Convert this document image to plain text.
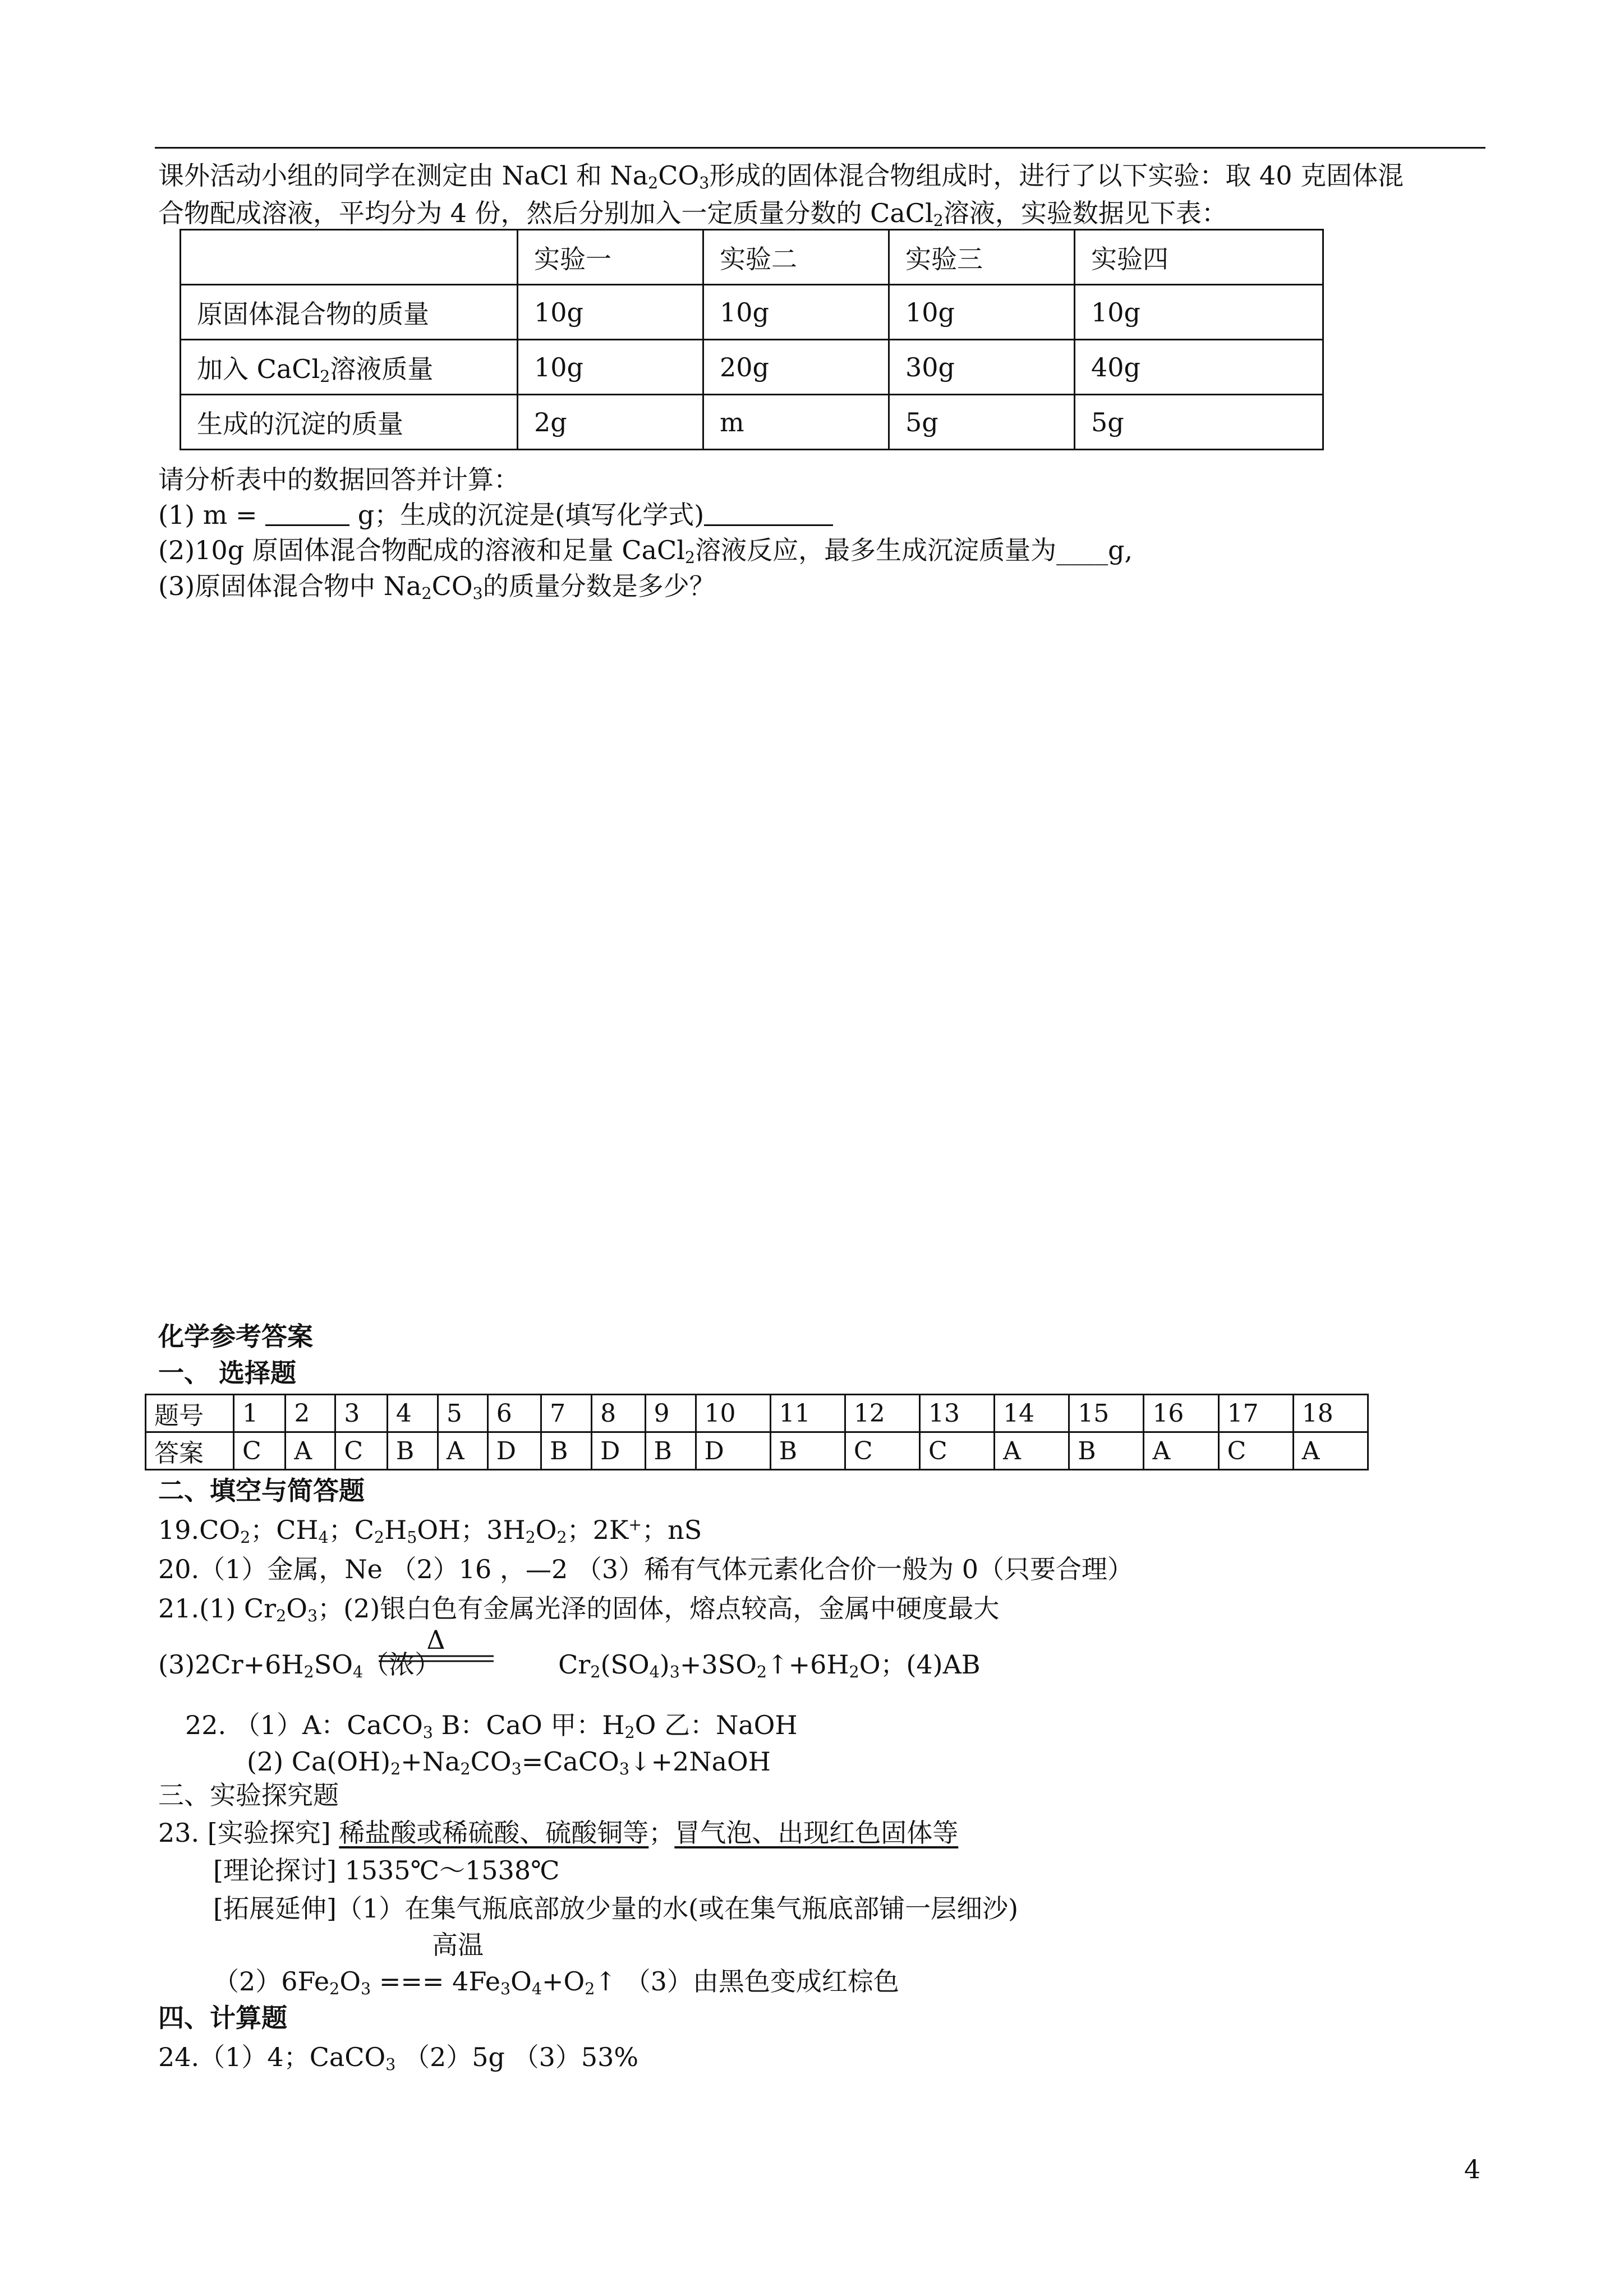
课外活动小组的同学在测定由 NaCl 和 $Na_2CO_3$形成的固体混合物组成时，进行了以下实验：取 40 克固体混
合物配成溶液，平均分为 4 份，然后分别加入一定质量分数的 CaCl$_2$溶液，实验数据见下表：
	实验一	实验二	实验三	实验四
原固体混合物的质量	10g	10g	10g	10g
加入 CaCl$_2$溶液质量	10g	20g	30g	40g
生成的沉淀的质量	2g	m	5g	5g
请分析表中的数据回答并计算：
(1) m =	g；生成的沉淀是(填写化学式)
(2)10g 原固体混合物配成的溶液和足量 CaCl$_2$溶液反应，最多生成沉淀质量为____g,
(3)原固体混合物中 $Na_2CO_3$的质量分数是多少？
化学参考答案
一、 选择题
题号	1	2	3	4	5	6	7	8	9	10	11	12	13	14	15	16	17	18
答案	C	A	C	B	A	D	B	D	B	D	B	C	C	A	B	A	C	A
二、填空与简答题
$19.CO_2$；$CH_4$；$C_2H_5OH$；$3H_2O_2$；2K+；nS
20.（1）金属，Ne （2）16 ，—2 （3）稀有气体元素化合价一般为 0（只要合理）
21.(1) $Cr_2O_3$；(2)银白色有金属光泽的固体，熔点较高，金属中硬度最大
Δ
$(3)2Cr+6H_2SO_4$（浓）	$Cr_2(SO_4)_3+3SO_2↑+6H_2O$；(4)AB
22. （1）A：CaCO$_3$ B：CaO 甲：$H_2O$ 乙：NaOH
(2) $Ca(OH)_2+Na_2CO_3=CaCO_3↓+2NaOH$
三、实验探究题
23. [实验探究] 稀盐酸或稀硫酸、硫酸铜等；冒气泡、出现红色固体等
[理论探讨] 1535℃～1538℃
[拓展延伸]（1）在集气瓶底部放少量的水(或在集气瓶底部铺一层细沙)
高温
$(2)6Fe_2O_3$ === $4Fe_3O_4+O_2↑$ （3）由黑色变成红棕色
四、计算题
24.（1）4；CaCO$_3$ （2）5g （3）53%
4
